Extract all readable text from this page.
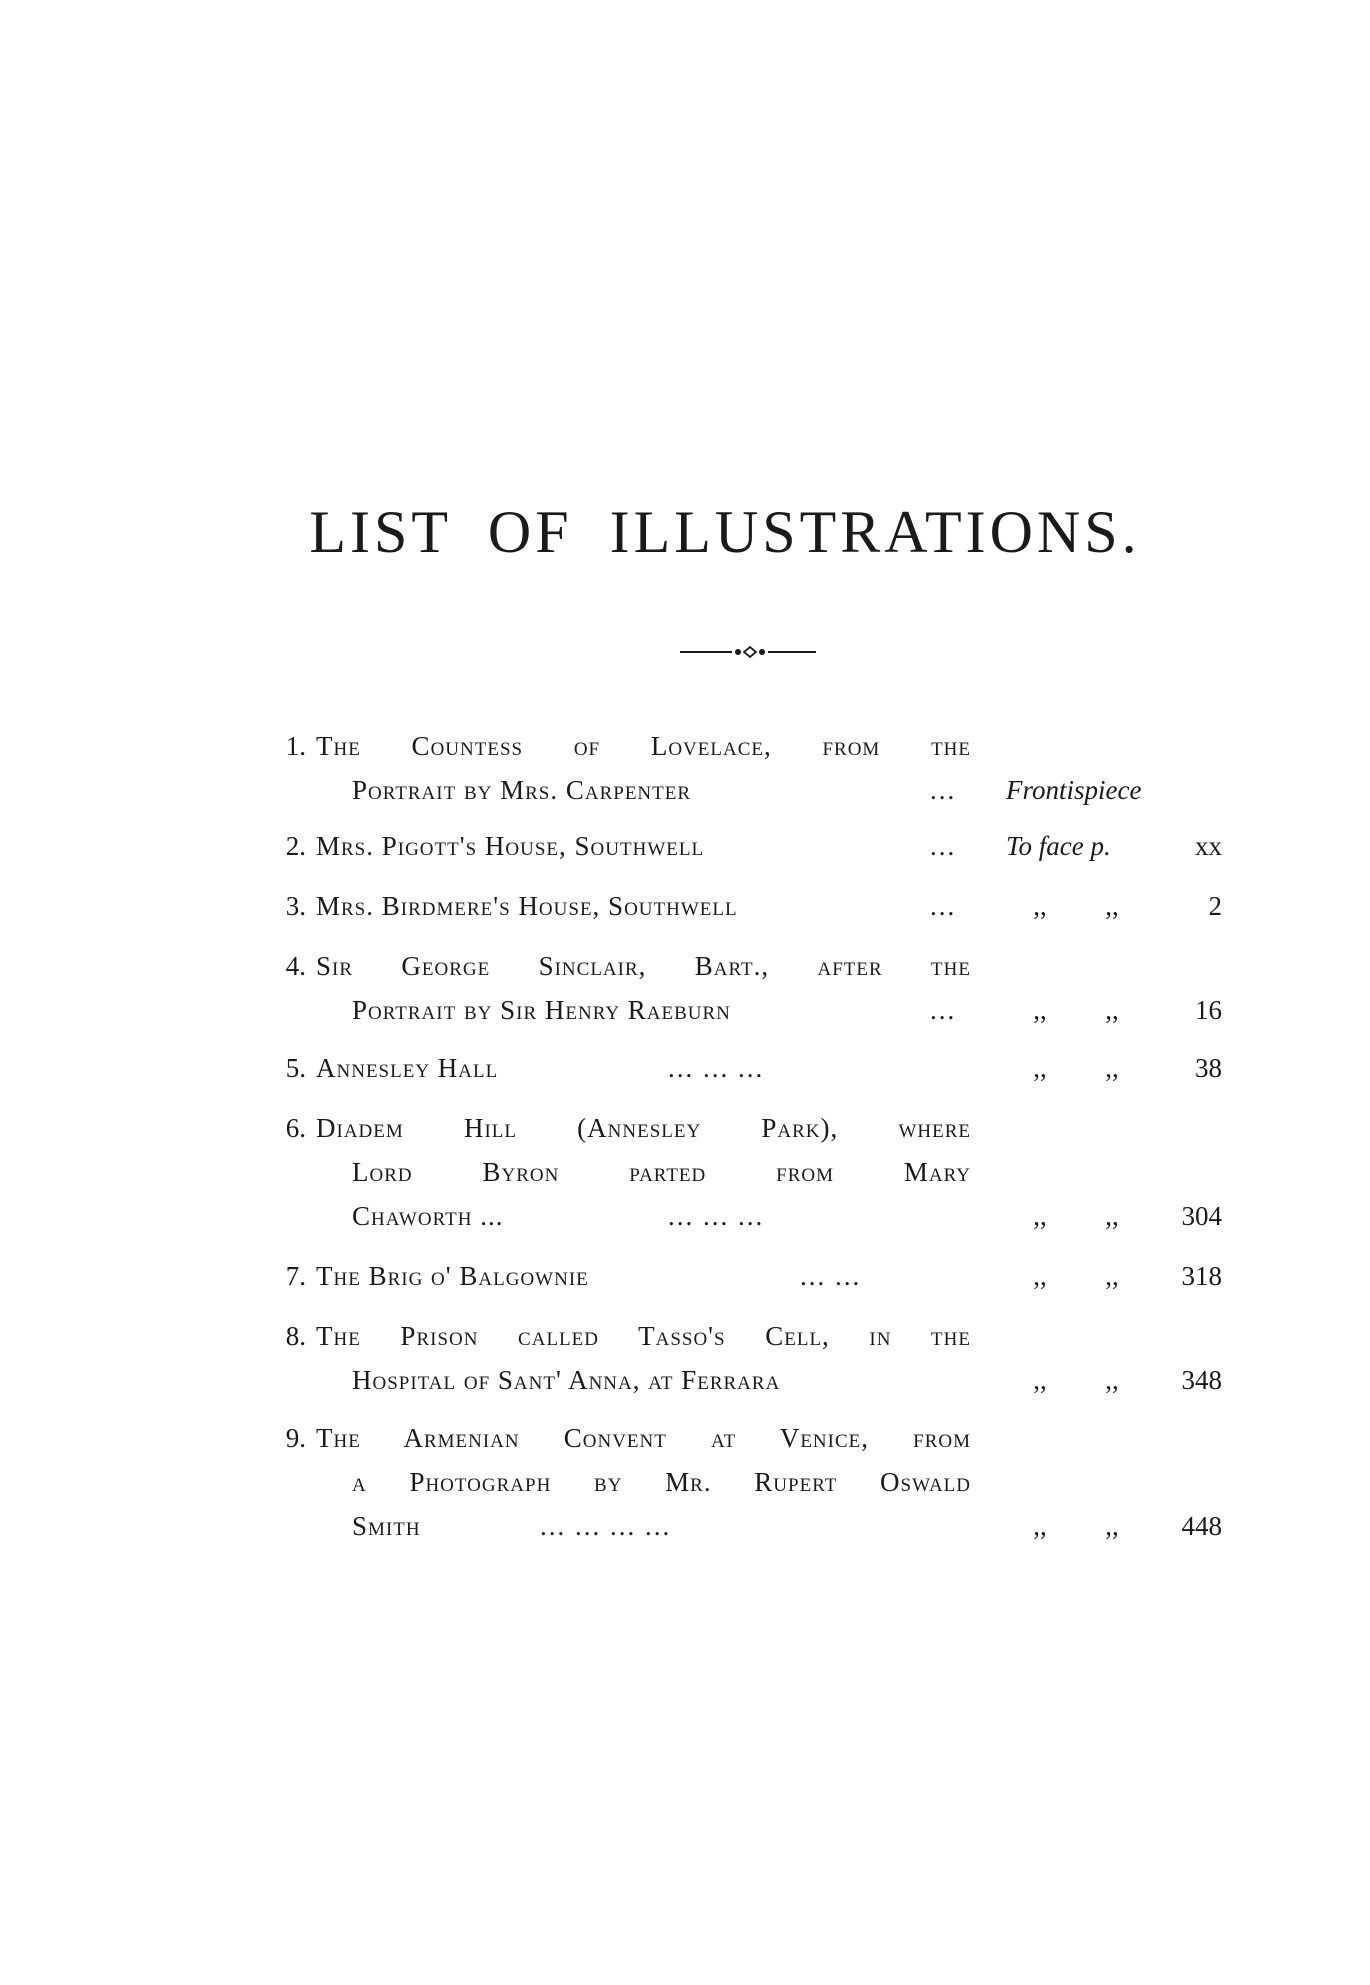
LIST OF ILLUSTRATIONS.
1. The Countess of Lovelace, from the
Portrait by Mrs. Carpenter	... Frontispiece
2. Mrs. Pigott's House, Southwell	... To face p.	xx
3. Mrs. Birdmere's House, Southwell	...	,,	,,	2
4. Sir George Sinclair, Bart., after the
Portrait by Sir Henry Raeburn	...	,,	,,	16
5. Annesley Hall	... ... ...	,,	,,	38
6. Diadem Hill (Annesley Park), where
Lord Byron parted from Mary
Chaworth ...	... ... ...	,,	,,	304
7. The Brig o' Balgownie	... ...	,,	,,	318
8. The Prison called Tasso's Cell, in the
Hospital of Sant' Anna, at Ferrara	,,	,,	348
9. The Armenian Convent at Venice, from
a Photograph by Mr. Rupert Oswald
Smith	... ... ... ...	,,	,,	448
